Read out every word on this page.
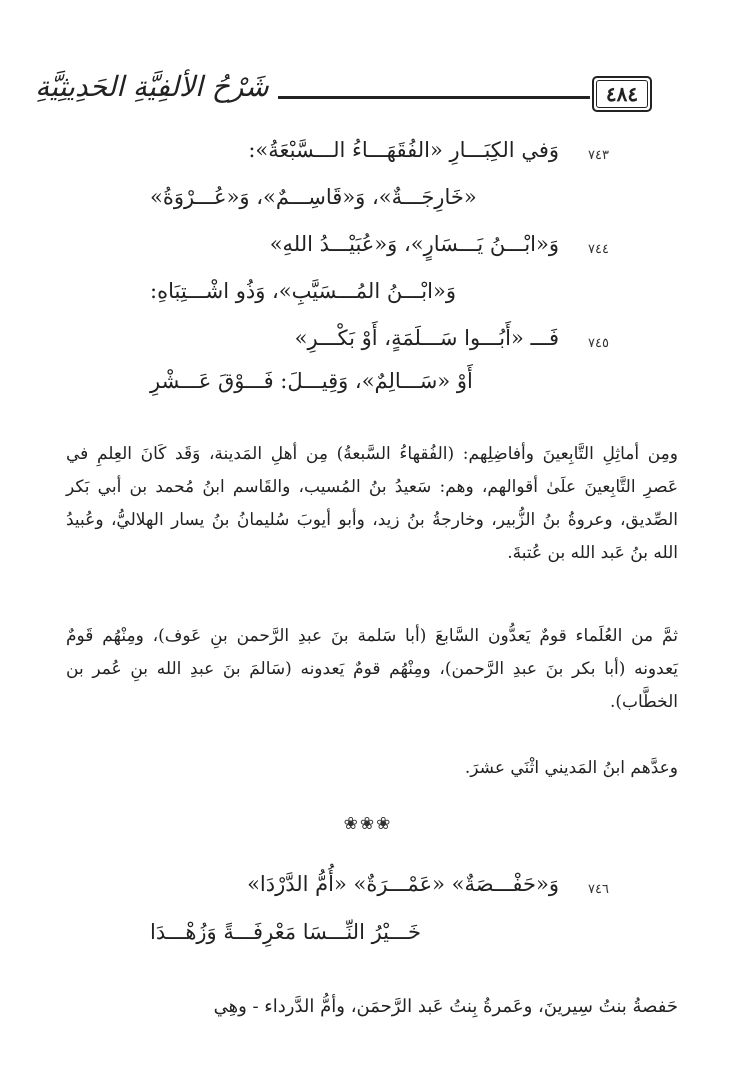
شَرْحُ الألفِيَّةِ الحَدِيثِيَّةِ	٤٨٤
٧٤٣
وَفي الكِبَـــارِ «الفُقَهَـــاءُ الـــسَّبْعَةُ»:
«خَارِجَـــةٌ»، وَ«قَاسِـــمٌ»، وَ«عُـــرْوَةُ»
٧٤٤
وَ«ابْـــنُ يَـــسَارٍ»، وَ«عُبَيْـــدُ اللهِ»
وَ«ابْـــنُ المُـــسَيَّبِ»، وَذُو اشْـــتِبَاهِ:
٧٤٥
فَـــ «أَبُـــوا سَـــلَمَةٍ، أَوْ بَكْـــرِ»
أَوْ «سَـــالِمٌ»، وَقِيـــلَ: فَـــوْقَ عَـــشْرِ
ومِن أماثِلِ التَّابِعينَ وأفاضِلِهم: (الفُقهاءُ السَّبعةُ) مِن أهلِ المَدينة، وَقَد كَانَ العِلمِ في عَصرِ التَّابِعينَ علَىٰ أقوالهم، وهم: سَعيدُ بنُ المُسيب، والقَاسم ابنُ مُحمد بن أبي بَكر الصِّديق، وعروةُ بنُ الزُّبير، وخارجةُ بنُ زيد، وأبو أيوبَ سُليمانُ بنُ يسار الهلاليُّ، وعُبيدُ الله بنُ عَبد الله بن عُتبةَ.
ثمَّ من العُلَماء قومٌ يَعدُّون السَّابعَ (أبا سَلمة بنَ عبدِ الرَّحمن بنِ عَوف)، ومِنْهُم قَومٌ يَعدونه (أبا بكر بنَ عبدِ الرَّحمن)، ومِنْهُم قومٌ يَعدونه (سَالمَ بنَ عبدِ الله بنِ عُمر بن الخطَّاب).
وعدَّهم ابنُ المَديني اثْنَي عشرَ.
❀❀❀
٧٤٦
وَ«حَفْـــصَةٌ» «عَمْـــرَةٌ» «أُمُّ الدَّرْدَا»
خَـــيْرُ النِّـــسَا مَعْرِفَـــةً وَزُهْـــدَا
حَفصةُ بنتُ سِيرينَ، وعَمرةُ بِنتُ عَبد الرَّحمَن، وأمُّ الدَّرداء - وهِي
